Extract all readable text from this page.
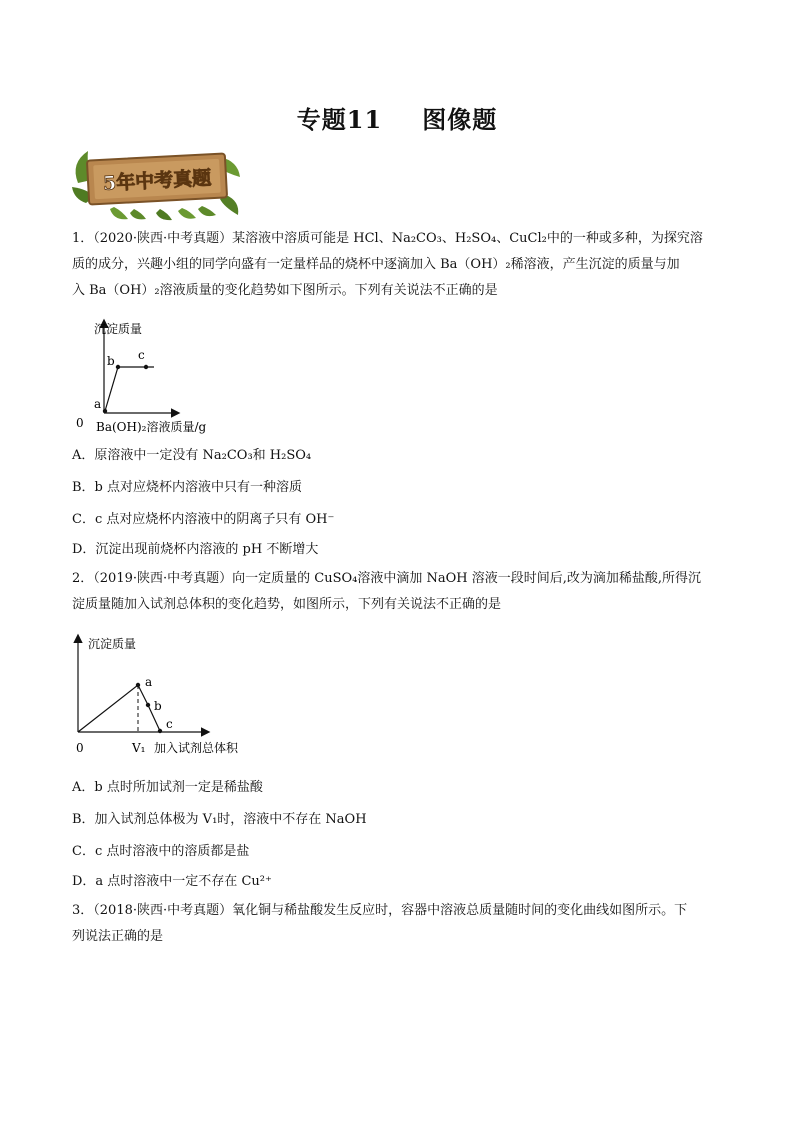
专题11 图像题
5年中考真题
1．（2020·陕西·中考真题）某溶液中溶质可能是 HCl、Na₂CO₃、H₂SO₄、CuCl₂中的一种或多种，为探究溶
质的成分，兴趣小组的同学向盛有一定量样品的烧杯中逐滴加入 Ba（OH）₂稀溶液，产生沉淀的质量与加
入 Ba（OH）₂溶液质量的变化趋势如下图所示。下列有关说法不正确的是
沉淀质量
0 Ba(OH)₂溶液质量/g
a
b c
A．原溶液中一定没有 Na₂CO₃和 H₂SO₄
B．b 点对应烧杯内溶液中只有一种溶质
C．c 点对应烧杯内溶液中的阴离子只有 OH⁻
D．沉淀出现前烧杯内溶液的 pH 不断增大
2．（2019·陕西·中考真题）向一定质量的 CuSO₄溶液中滴加 NaOH 溶液一段时间后,改为滴加稀盐酸,所得沉
淀质量随加入试剂总体积的变化趋势，如图所示，下列有关说法不正确的是
沉淀质量
0	V₁ 加入试剂总体积
a
b
c
A．b 点时所加试剂一定是稀盐酸
B．加入试剂总体极为 V₁时，溶液中不存在 NaOH
C．c 点时溶液中的溶质都是盐
D．a 点时溶液中一定不存在 Cu²⁺
3．（2018·陕西·中考真题）氧化铜与稀盐酸发生反应时，容器中溶液总质量随时间的变化曲线如图所示。下
列说法正确的是
